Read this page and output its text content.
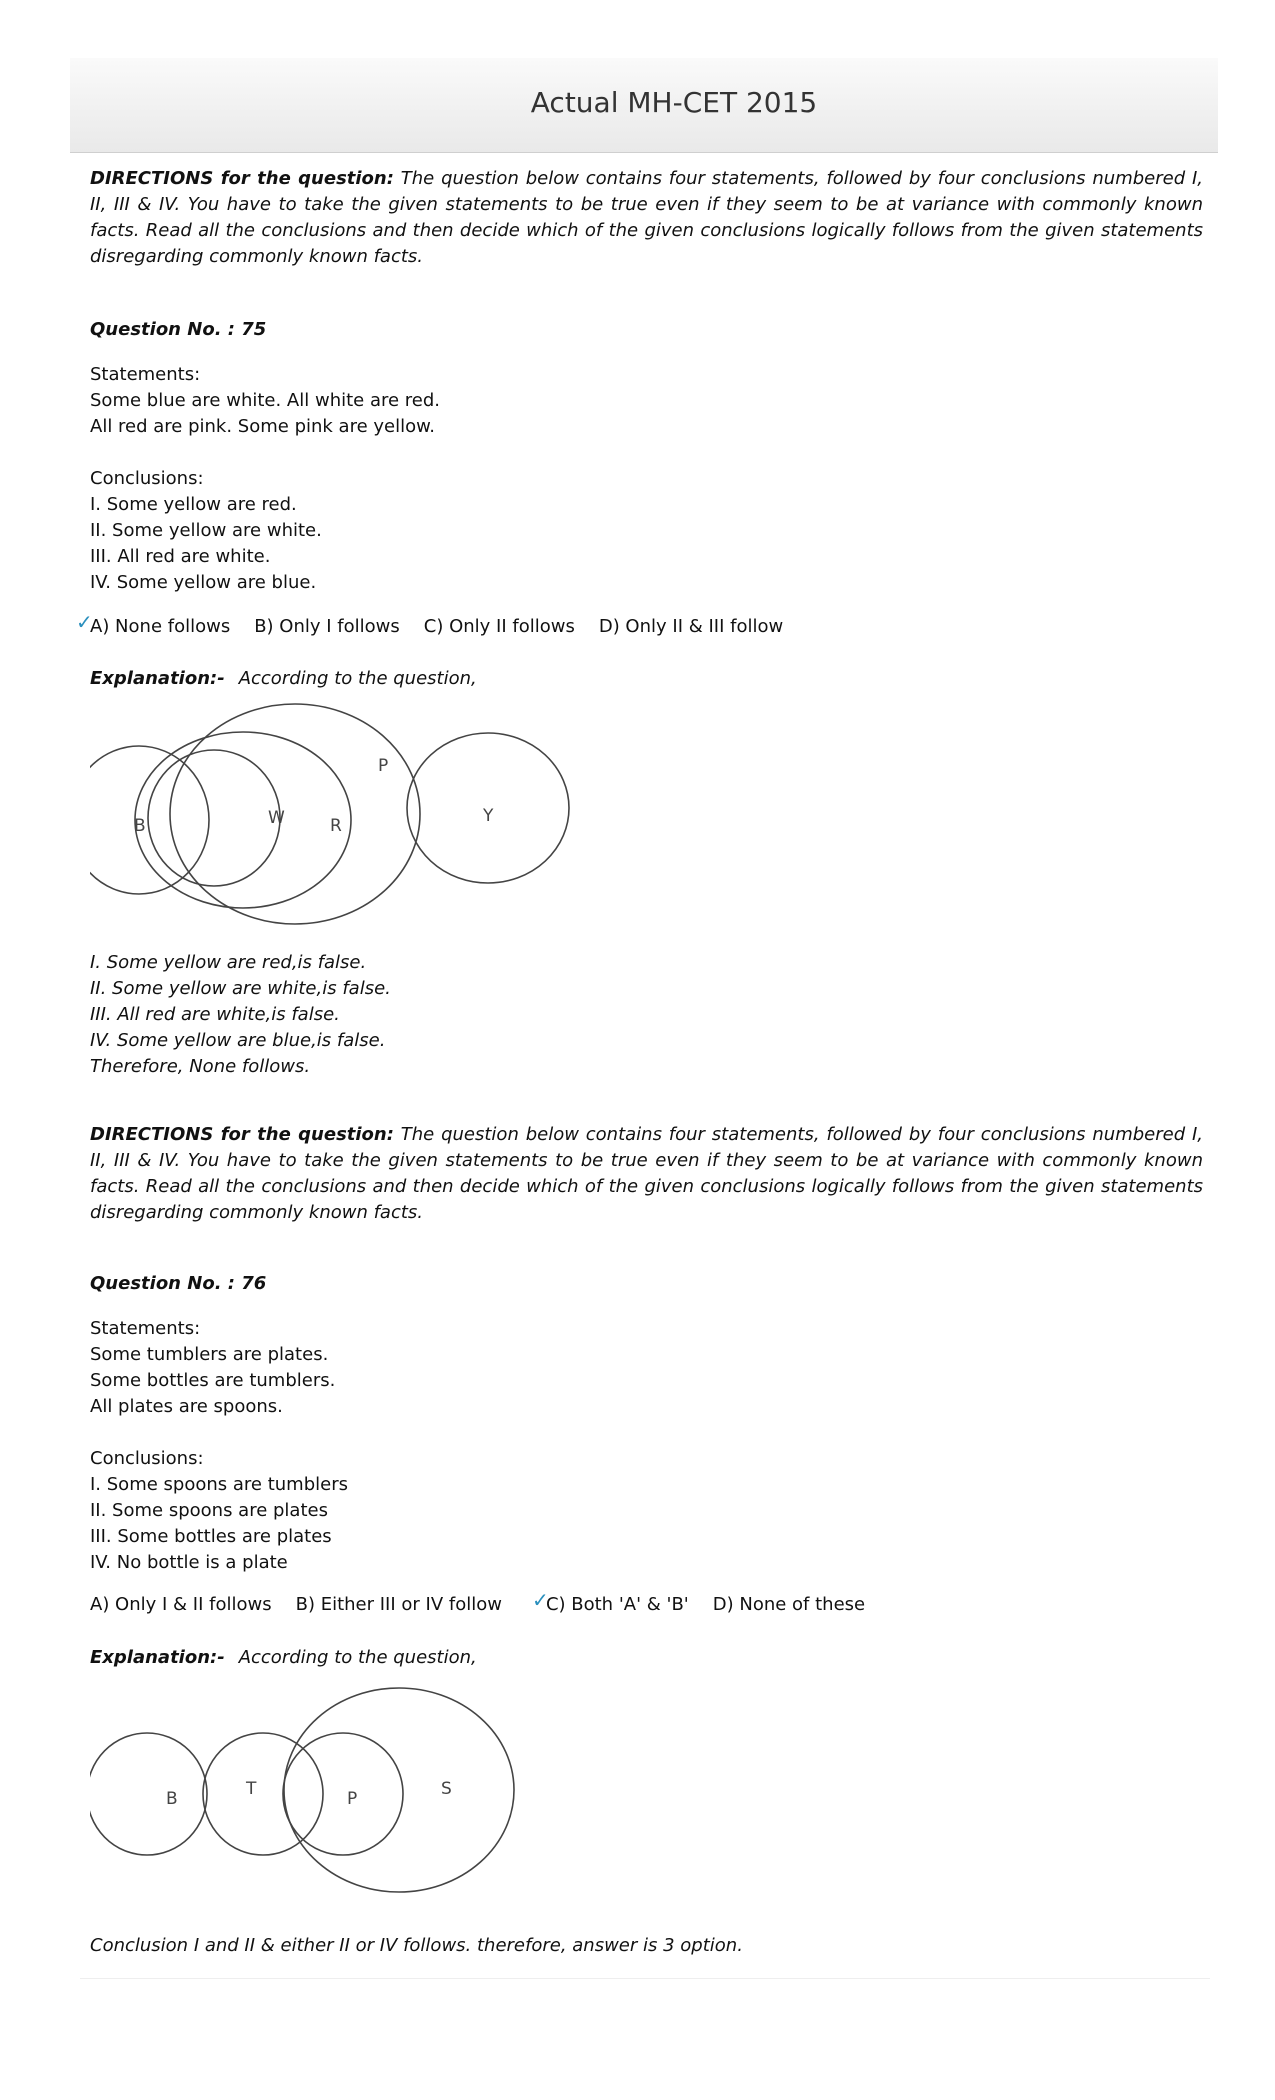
Actual MH-CET 2015
DIRECTIONS for the question: The question below contains four statements, followed by four conclusions numbered I, II, III & IV. You have to take the given statements to be true even if they seem to be at variance with commonly known facts. Read all the conclusions and then decide which of the given conclusions logically follows from the given statements disregarding commonly known facts.
Question No. : 75
Statements:
Some blue are white. All white are red.
All red are pink. Some pink are yellow.
Conclusions:
I. Some yellow are red.
II. Some yellow are white.
III. All red are white.
IV. Some yellow are blue.
✓
A) None follows B) Only I follows C) Only II follows D) Only II & III follow
Explanation:- According to the question,
B	W	R
P
Y
I. Some yellow are red,is false.
II. Some yellow are white,is false.
III. All red are white,is false.
IV. Some yellow are blue,is false.
Therefore, None follows.
DIRECTIONS for the question: The question below contains four statements, followed by four conclusions numbered I, II, III & IV. You have to take the given statements to be true even if they seem to be at variance with commonly known facts. Read all the conclusions and then decide which of the given conclusions logically follows from the given statements disregarding commonly known facts.
Question No. : 76
Statements:
Some tumblers are plates.
Some bottles are tumblers.
All plates are spoons.
Conclusions:
I. Some spoons are tumblers
II. Some spoons are plates
III. Some bottles are plates
IV. No bottle is a plate
A) Only I & II follows B) Either III or IV follow ✓
C) Both 'A' & 'B' D) None of these
Explanation:- According to the question,
B	T	P	S
Conclusion I and II & either II or IV follows. therefore, answer is 3 option.
